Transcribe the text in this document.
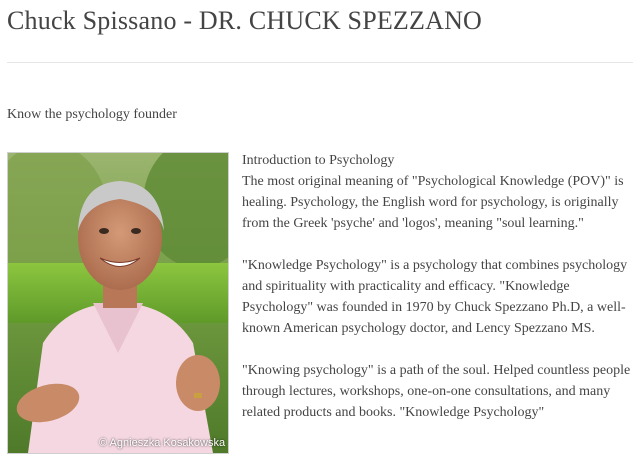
Chuck Spissano - DR. CHUCK SPEZZANO
Know the psychology founder
© Agnieszka Kosakowska

Introduction to Psychology

The most original meaning of "Psychological Knowledge (POV)" is healing. Psychology, the English word for psychology, is originally from the Greek 'psyche' and 'logos', meaning "soul learning."

"Knowledge Psychology" is a psychology that combines psychology and spirituality with practicality and efficacy. "Knowledge Psychology" was founded in 1970 by Chuck Spezzano Ph.D, a well-known American psychology doctor, and Lency Spezzano MS.

"Knowing psychology" is a path of the soul. Helped countless people through lectures, workshops, one-on-one consultations, and many related products and books. "Knowledge Psychology"
